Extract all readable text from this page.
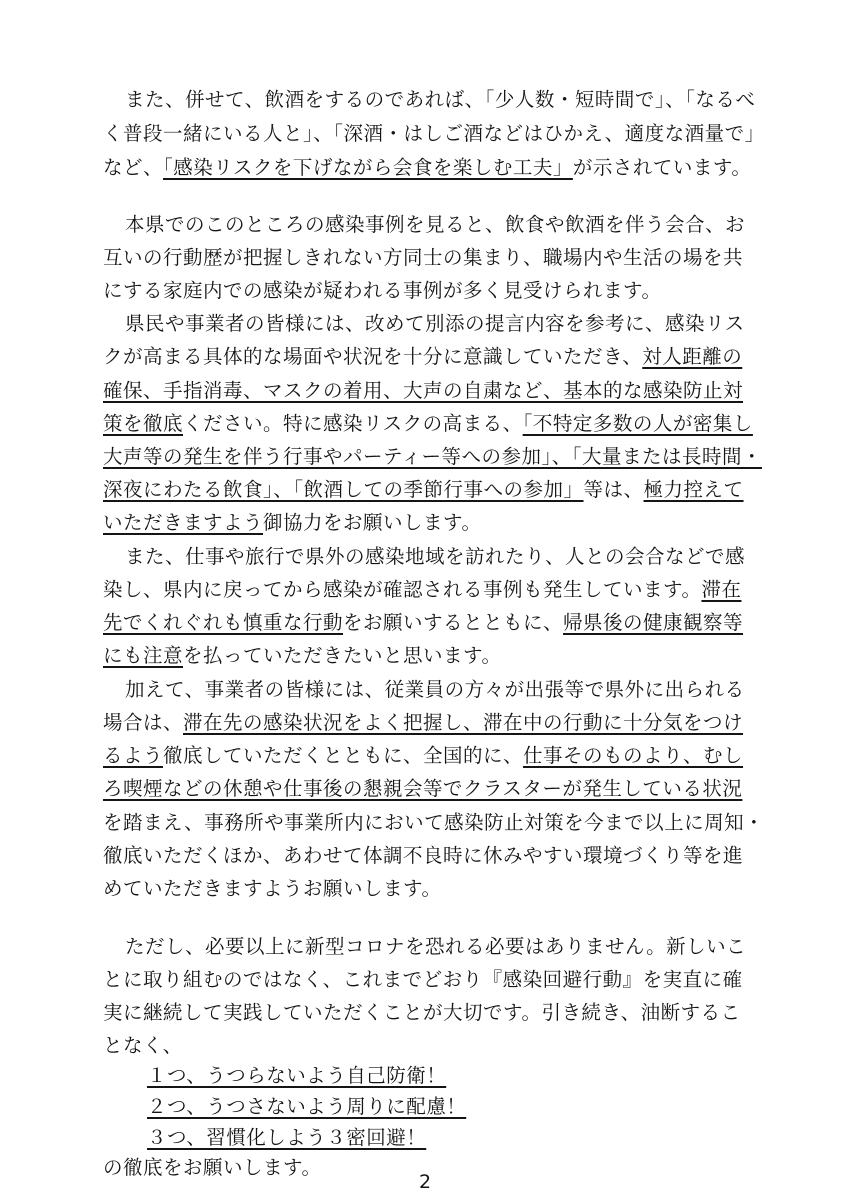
また、併せて、飲酒をするのであれば、「少人数・短時間で」、「なるべ

く普段一緒にいる人と」、「深酒・はしご酒などはひかえ、適度な酒量で」

など、「感染リスクを下げながら会食を楽しむ工夫」が示されています。

本県でのこのところの感染事例を見ると、飲食や飲酒を伴う会合、お

互いの行動歴が把握しきれない方同士の集まり、職場内や生活の場を共

にする家庭内での感染が疑われる事例が多く見受けられます。

県民や事業者の皆様には、改めて別添の提言内容を参考に、感染リス

クが高まる具体的な場面や状況を十分に意識していただき、対人距離の

確保、手指消毒、マスクの着用、大声の自粛など、基本的な感染防止対

策を徹底ください。特に感染リスクの高まる、「不特定多数の人が密集し

大声等の発生を伴う行事やパーティー等への参加」、「大量または長時間・

深夜にわたる飲食」、「飲酒しての季節行事への参加」等は、極力控えて

いただきますよう御協力をお願いします。

また、仕事や旅行で県外の感染地域を訪れたり、人との会合などで感

染し、県内に戻ってから感染が確認される事例も発生しています。滞在

先でくれぐれも慎重な行動をお願いするとともに、帰県後の健康観察等

にも注意を払っていただきたいと思います。

加えて、事業者の皆様には、従業員の方々が出張等で県外に出られる

場合は、滞在先の感染状況をよく把握し、滞在中の行動に十分気をつけ

るよう徹底していただくとともに、全国的に、仕事そのものより、むし

ろ喫煙などの休憩や仕事後の懇親会等でクラスターが発生している状況

を踏まえ、事務所や事業所内において感染防止対策を今まで以上に周知・

徹底いただくほか、あわせて体調不良時に休みやすい環境づくり等を進

めていただきますようお願いします。

ただし、必要以上に新型コロナを恐れる必要はありません。新しいこ

とに取り組むのではなく、これまでどおり『感染回避行動』を実直に確

実に継続して実践していただくことが大切です。引き続き、油断するこ

となく、

１つ、うつらないよう自己防衛！

２つ、うつさないよう周りに配慮！

３つ、習慣化しよう３密回避！

の徹底をお願いします。

2
